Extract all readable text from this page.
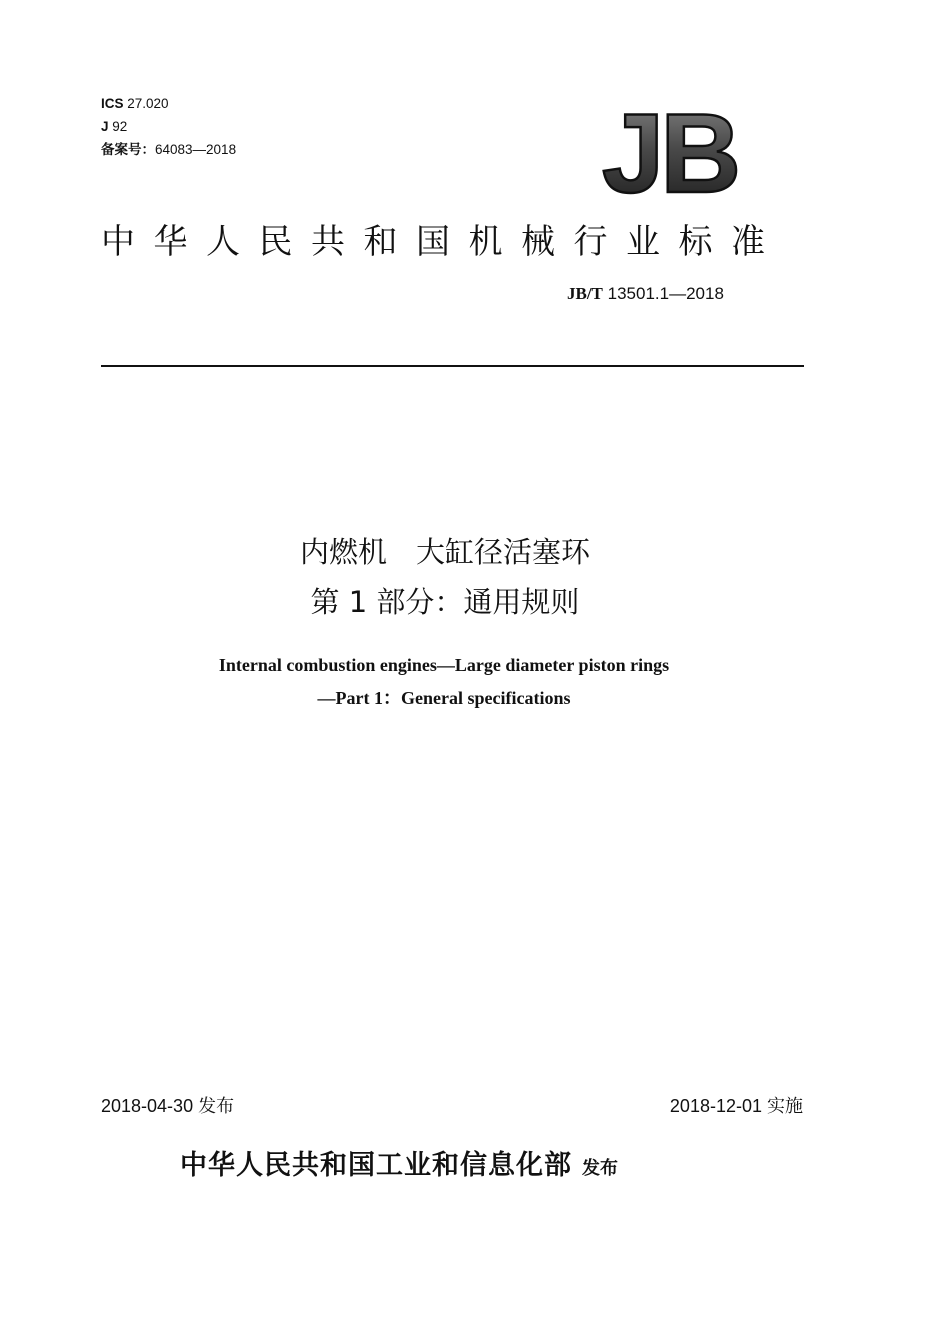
ICS 27.020
J 92
备案号：64083—2018	JB
中华人民共和国机械行业标准
JB/T 13501.1—2018
内燃机　大缸径活塞环
第 1 部分：通用规则
Internal combustion engines—Large diameter piston rings
—Part 1：General specifications
2018-04-30 发布	2018-12-01 实施
中华人民共和国工业和信息化部 发布
